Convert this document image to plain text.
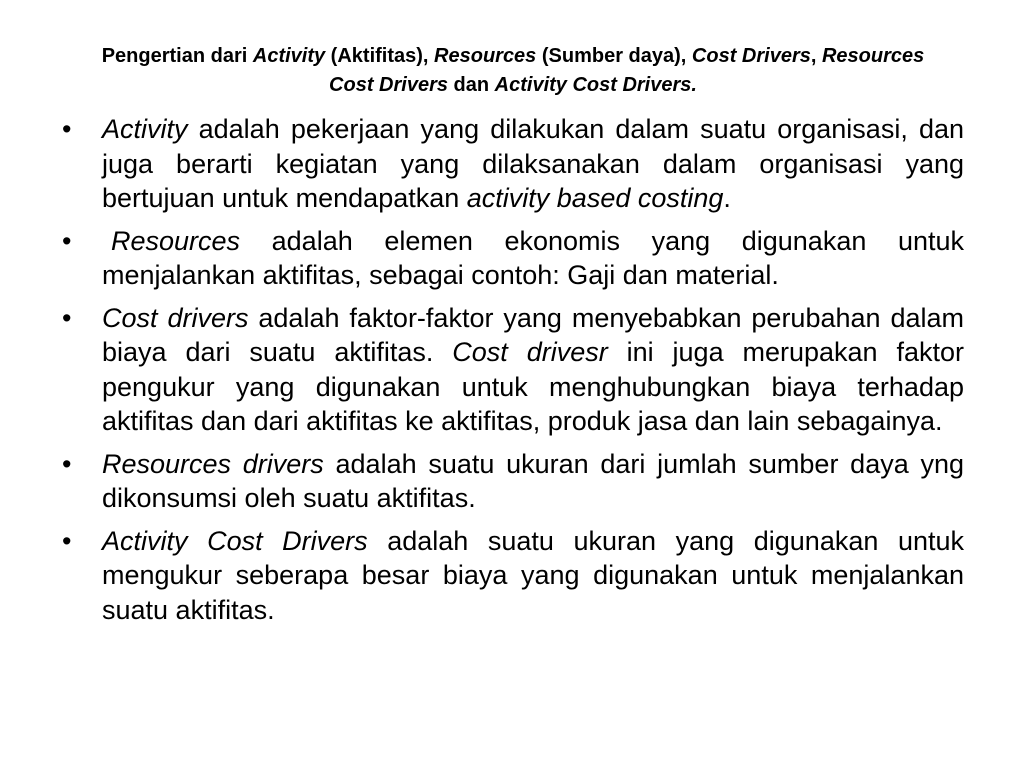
Pengertian dari Activity (Aktifitas), Resources (Sumber daya), Cost Drivers, Resources Cost Drivers dan Activity Cost Drivers.
•	Activity adalah pekerjaan yang dilakukan dalam suatu organisasi, dan juga berarti kegiatan yang dilaksanakan dalam organisasi yang bertujuan untuk mendapatkan activity based costing.
•	Resources adalah elemen ekonomis yang digunakan untuk menjalankan aktifitas, sebagai contoh: Gaji dan material.
•	Cost drivers adalah faktor-faktor yang menyebabkan perubahan dalam biaya dari suatu aktifitas. Cost drivesr ini juga merupakan faktor pengukur yang digunakan untuk menghubungkan biaya terhadap aktifitas dan dari aktifitas ke aktifitas, produk jasa dan lain sebagainya.
•	Resources drivers adalah suatu ukuran dari jumlah sumber daya yng dikonsumsi oleh suatu aktifitas.
•	Activity Cost Drivers adalah suatu ukuran yang digunakan untuk mengukur seberapa besar biaya yang digunakan untuk menjalankan suatu aktifitas.
